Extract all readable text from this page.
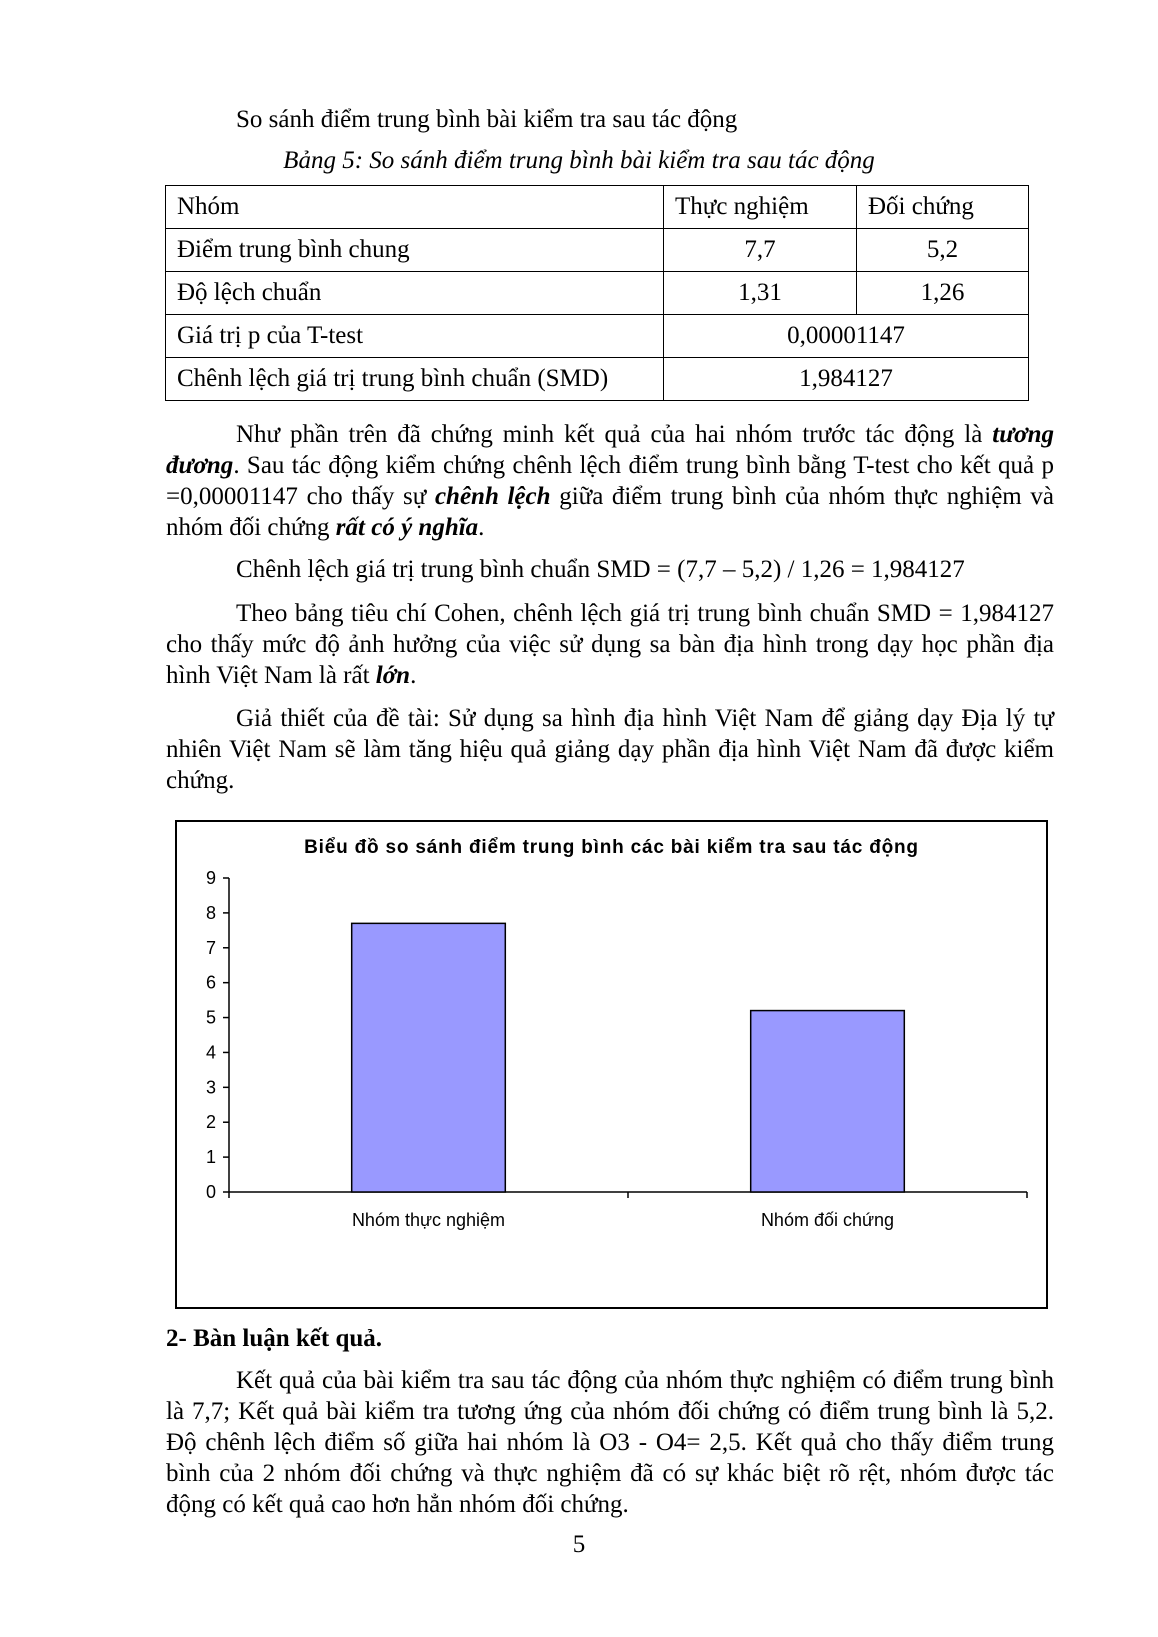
So sánh điểm trung bình bài kiểm tra sau tác động
Bảng 5: So sánh điểm trung bình bài kiểm tra sau tác động
Nhóm	Thực nghiệm	Đối chứng
Điểm trung bình chung	7,7	5,2
Độ lệch chuẩn	1,31	1,26
Giá trị p của T-test	0,00001147	
Chênh lệch giá trị trung bình chuẩn (SMD)	1,984127	

Như phần trên đã chứng minh kết quả của hai nhóm trước tác động là tương đương. Sau tác động kiểm chứng chênh lệch điểm trung bình bằng T-test cho kết quả p =0,00001147 cho thấy sự chênh lệch giữa điểm trung bình của nhóm thực nghiệm và nhóm đối chứng rất có ý nghĩa.

Chênh lệch giá trị trung bình chuẩn SMD = (7,7 – 5,2) / 1,26 = 1,984127

Theo bảng tiêu chí Cohen, chênh lệch giá trị trung bình chuẩn SMD = 1,984127 cho thấy mức độ ảnh hưởng của việc sử dụng sa bàn địa hình trong dạy học phần địa hình Việt Nam là rất lớn.

Giả thiết của đề tài: Sử dụng sa hình địa hình Việt Nam để giảng dạy Địa lý tự nhiên Việt Nam sẽ làm tăng hiệu quả giảng dạy phần địa hình Việt Nam đã được kiểm chứng.

Biểu đồ so sánh điểm trung bình các bài kiểm tra sau tác động
0
1
2
3
4
5
6
7
8
9
Nhóm thực nghiệm	Nhóm đối chứng
2- Bàn luận kết quả.

Kết quả của bài kiểm tra sau tác động của nhóm thực nghiệm có điểm trung bình là 7,7; Kết quả bài kiểm tra tương ứng của nhóm đối chứng có điểm trung bình là 5,2. Độ chênh lệch điểm số giữa hai nhóm là O3 - O4= 2,5. Kết quả cho thấy điểm trung bình của 2 nhóm đối chứng và thực nghiệm đã có sự khác biệt rõ rệt, nhóm được tác động có kết quả cao hơn hẳn nhóm đối chứng.

5
